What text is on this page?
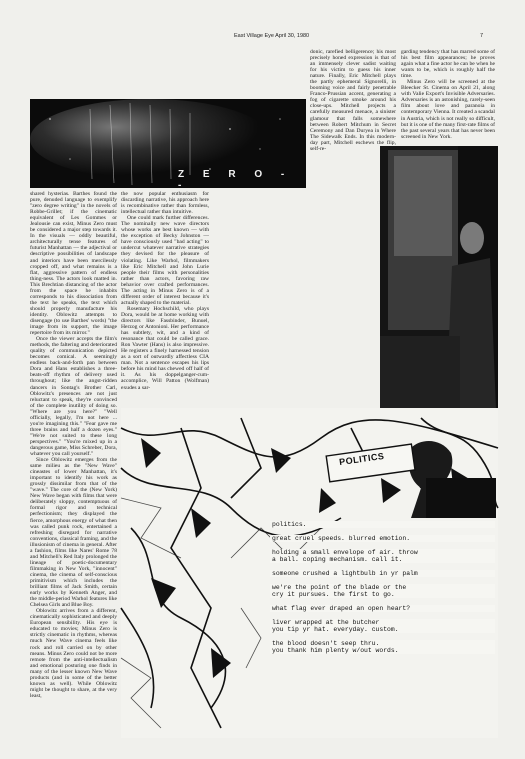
East Village Eye April 30, 1980	7

donic, rarefied belligerence; his most precisely honed expression is that of an immensely clever sadist waiting for his victim to guess his inner nature. Finally, Eric Mitchell plays the partly ephemeral Signorelli, in booming voice and fairly penetrable Franco-Prussian accent, generating a fog of cigarette smoke around his close-ups. Mitchell projects a carefully measured menace, a sinister glamour that falls somewhere between Robert Mitchum in Secret Ceremony and Dan Duryea in Where The Sidewalk Ends. In this modern-day part, Mitchell eschews the flip, self-re-

garding tendency that has marred some of his best film appearances; he proves again what a fine actor he can be when he wants to be, which is roughly half the time.

Minus Zero will be screened at the Bleecker St. Cinema on April 21, along with Valie Export's Invisible Adversaries. Adversaries is an astonishing, rarely-seen film about love and paranoia in contemporary Vienna. It created a scandal in Austria, which is not really so difficult, but it is one of the many first-rate films of the past several years that has never been screened in New York.

Z E R O - -

shared hysterias. Barthes found the pure, denuded language to exemplify "zero degree writing" in the novels of Robbe-Grillet; if the cinematic equivalent of Les Gommes or Jealousie can exist, Minus Zero must be considered a major step towards it. In the visuals — oddly beautiful, architecturally tense features of futurist Manhattan — the adjectival or descriptive possibilities of landscape and interiors have been mercilessly cropped off, and what remains is a flat, aggressive pattern of endless thing-ness. The actors look matted in. This Brechtian distancing of the actor from the space he inhabits corresponds to his dissociation from the text he speaks, the text which should properly manufacture his identity. Oblowitz attempts to disengage (to use Barthes' words) "the image from its support, the image repertoire from its mirror."

Once the viewer accepts the film's methods, the faltering and deteriorated quality of communication depicted becomes comical. A seemingly endless back-and-forth pan between Dora and Hans establishes a three-beats-off rhythm of delivery used throughout; like the angst-ridden dancers in Sontag's Brother Carl, Oblowitz's presences are not just reluctant to speak, they're convinced of the complete inutility of doing so. "Where are you here?" "Well officially, legally, I'm not here ... you're imagining this." "Fear gave me three brains and half a dozen eyes." "We're not suited to these long perspectives." "You're mixed up in a dangerous game, Miss Schreber, Dora, whatever you call yourself."

Since Oblowitz emerges from the same milieu as the "New Wave" cineastes of lower Manhattan, it's important to identify his work as grossly dissimilar from that of the "wave." The core of the (New York) New Wave began with films that were deliberately sloppy, contemptuous of formal rigor and technical perfectionism; they displayed the fierce, amorphous energy of what then was called punk rock, entertained a refreshing disregard for narrative conventions, classical framing, and the illusionism of cinema in general. After a fashion, films like Nares' Rome 78 and Mitchell's Red Italy prolonged the lineage of poetic-documentary filmmaking in New York, "innocent" cinema, the cinema of self-conscious primitivism which includes the brilliant films of Jack Smith, certain early works by Kenneth Anger, and the middle-period Warhol features like Chelsea Girls and Blue Boy.

Oblowitz arrives from a different, cinematically sophisticated and deeply European sensibility. His eye is educated to movies; Minus Zero is strictly cinematic in rhythms, whereas much New Wave cinema feels like rock and roll carried on by other means. Minus Zero could not be more remote from the anti-intellectualism and emotional posturing one finds in many of the lesser known New Wave products (and in some of the better known as well). While Oblowitz might be thought to share, at the very least,

the now popular enthusiasm for discarding narrative, his approach here is recombinative rather than formless, intellectual rather than intuitive.

One could mark further differences. The nominally new wave directors whose works are best known — with the exception of Becky Johnston — have consciously used "bad acting" to undercut whatever narrative strategies they devised for the pleasure of violating. Like Warhol, filmmakers like Eric Mitchell and John Lurie people their films with personalities rather than actors, favoring raw behavior over crafted performances. The acting in Minus Zero is of a different order of interest because it's actually shaped to the material.

Rosemary Hochschild, who plays Dora, would be at home working with directors like Fassbinder, Bunuel, Herzog or Antonioni. Her performance has subtlety, wit, and a kind of resonance that could be called grace. Ron Vawter (Hans) is also impressive. He registers a finely harnessed tension as a sort of outwardly affectless CIA man. Not a sentence escapes his lips before his mind has chewed off half of it. As his doppelganger-cum-accomplice, Will Patton (Wolfman) exudes a sar-

POLITICS
politics.
great cruel speeds. blurred emotion.
holding a small envelope of air. throw
a ball. coping mechanism. call it.
someone crushed a lightbulb in yr palm
we're the point of the blade or the
cry it pursues. the first to go.
what flag ever draped an open heart?
liver wrapped at the butcher
you tip yr hat. everyday. custom.
the blood doesn't seep thru.
you thank him plenty w/out words.
